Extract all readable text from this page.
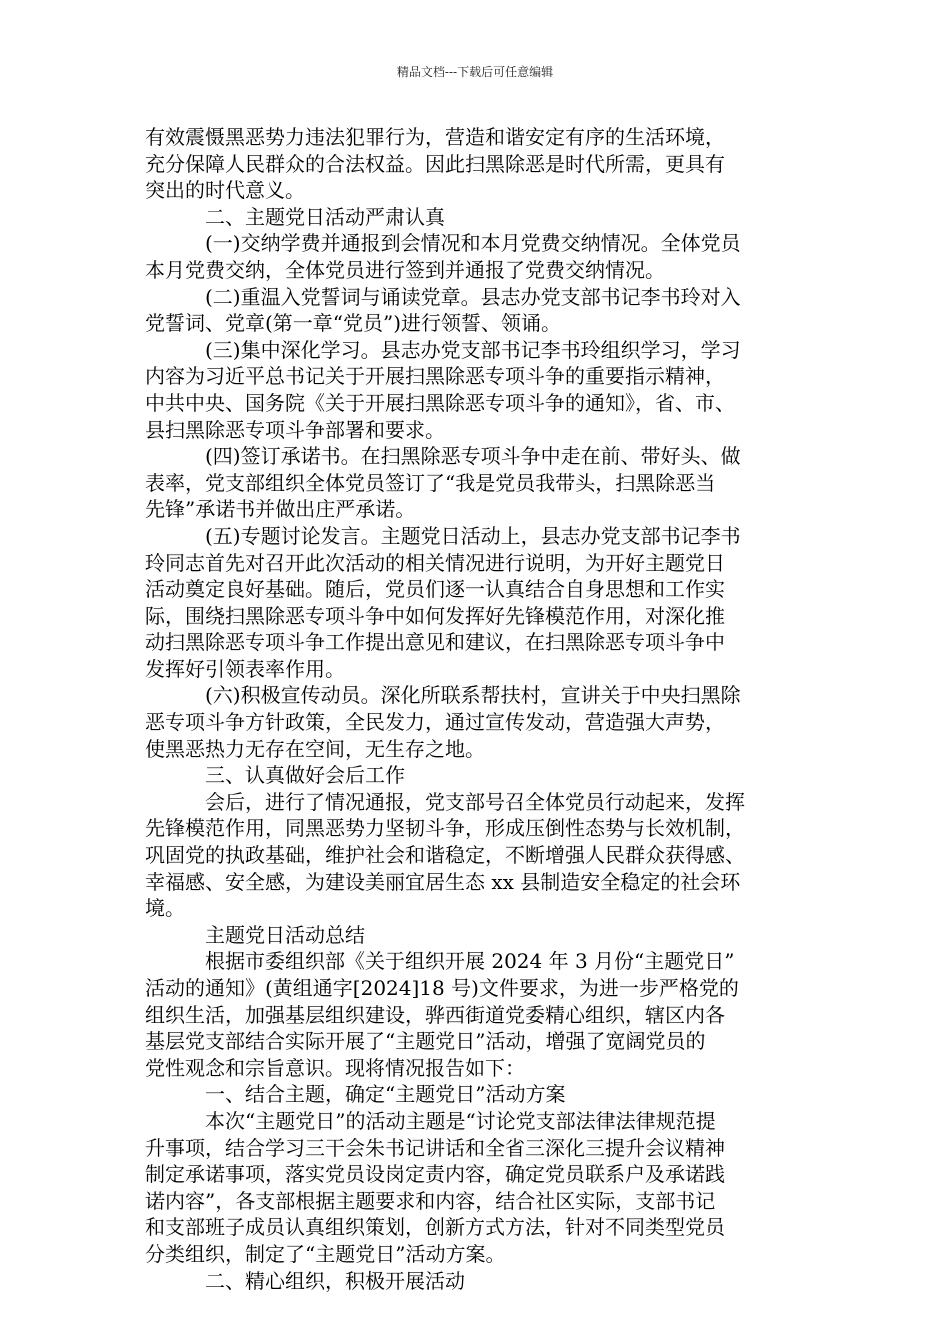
精品文档---下载后可任意编辑
有效震慑黑恶势力违法犯罪行为，营造和谐安定有序的生活环境，
充分保障人民群众的合法权益。因此扫黑除恶是时代所需，更具有
突出的时代意义。
二、主题党日活动严肃认真
(一)交纳学费并通报到会情况和本月党费交纳情况。全体党员
本月党费交纳，全体党员进行签到并通报了党费交纳情况。
(二)重温入党誓词与诵读党章。县志办党支部书记李书玲对入
党誓词、党章(第一章“党员”)进行领誓、领诵。
(三)集中深化学习。县志办党支部书记李书玲组织学习，学习
内容为习近平总书记关于开展扫黑除恶专项斗争的重要指示精神，
中共中央、国务院《关于开展扫黑除恶专项斗争的通知》，省、市、
县扫黑除恶专项斗争部署和要求。
(四)签订承诺书。在扫黑除恶专项斗争中走在前、带好头、做
表率，党支部组织全体党员签订了“我是党员我带头，扫黑除恶当
先锋”承诺书并做出庄严承诺。
(五)专题讨论发言。主题党日活动上，县志办党支部书记李书
玲同志首先对召开此次活动的相关情况进行说明，为开好主题党日
活动奠定良好基础。随后，党员们逐一认真结合自身思想和工作实
际，围绕扫黑除恶专项斗争中如何发挥好先锋模范作用，对深化推
动扫黑除恶专项斗争工作提出意见和建议，在扫黑除恶专项斗争中
发挥好引领表率作用。
(六)积极宣传动员。深化所联系帮扶村，宣讲关于中央扫黑除
恶专项斗争方针政策，全民发力，通过宣传发动，营造强大声势，
使黑恶热力无存在空间，无生存之地。
三、认真做好会后工作
会后，进行了情况通报，党支部号召全体党员行动起来，发挥
先锋模范作用，同黑恶势力坚韧斗争，形成压倒性态势与长效机制，
巩固党的执政基础，维护社会和谐稳定，不断增强人民群众获得感、
幸福感、安全感，为建设美丽宜居生态 xx 县制造安全稳定的社会环
境。
主题党日活动总结
根据市委组织部《关于组织开展 2024 年 3 月份“主题党日”
活动的通知》(黄组通字[2024]18 号)文件要求，为进一步严格党的
组织生活，加强基层组织建设，骅西街道党委精心组织，辖区内各
基层党支部结合实际开展了“主题党日”活动，增强了宽阔党员的
党性观念和宗旨意识。现将情况报告如下：
一、结合主题，确定“主题党日”活动方案
本次“主题党日”的活动主题是“讨论党支部法律法律规范提
升事项，结合学习三干会朱书记讲话和全省三深化三提升会议精神
制定承诺事项，落实党员设岗定责内容，确定党员联系户及承诺践
诺内容”，各支部根据主题要求和内容，结合社区实际，支部书记
和支部班子成员认真组织策划，创新方式方法，针对不同类型党员
分类组织，制定了“主题党日”活动方案。
二、精心组织，积极开展活动
